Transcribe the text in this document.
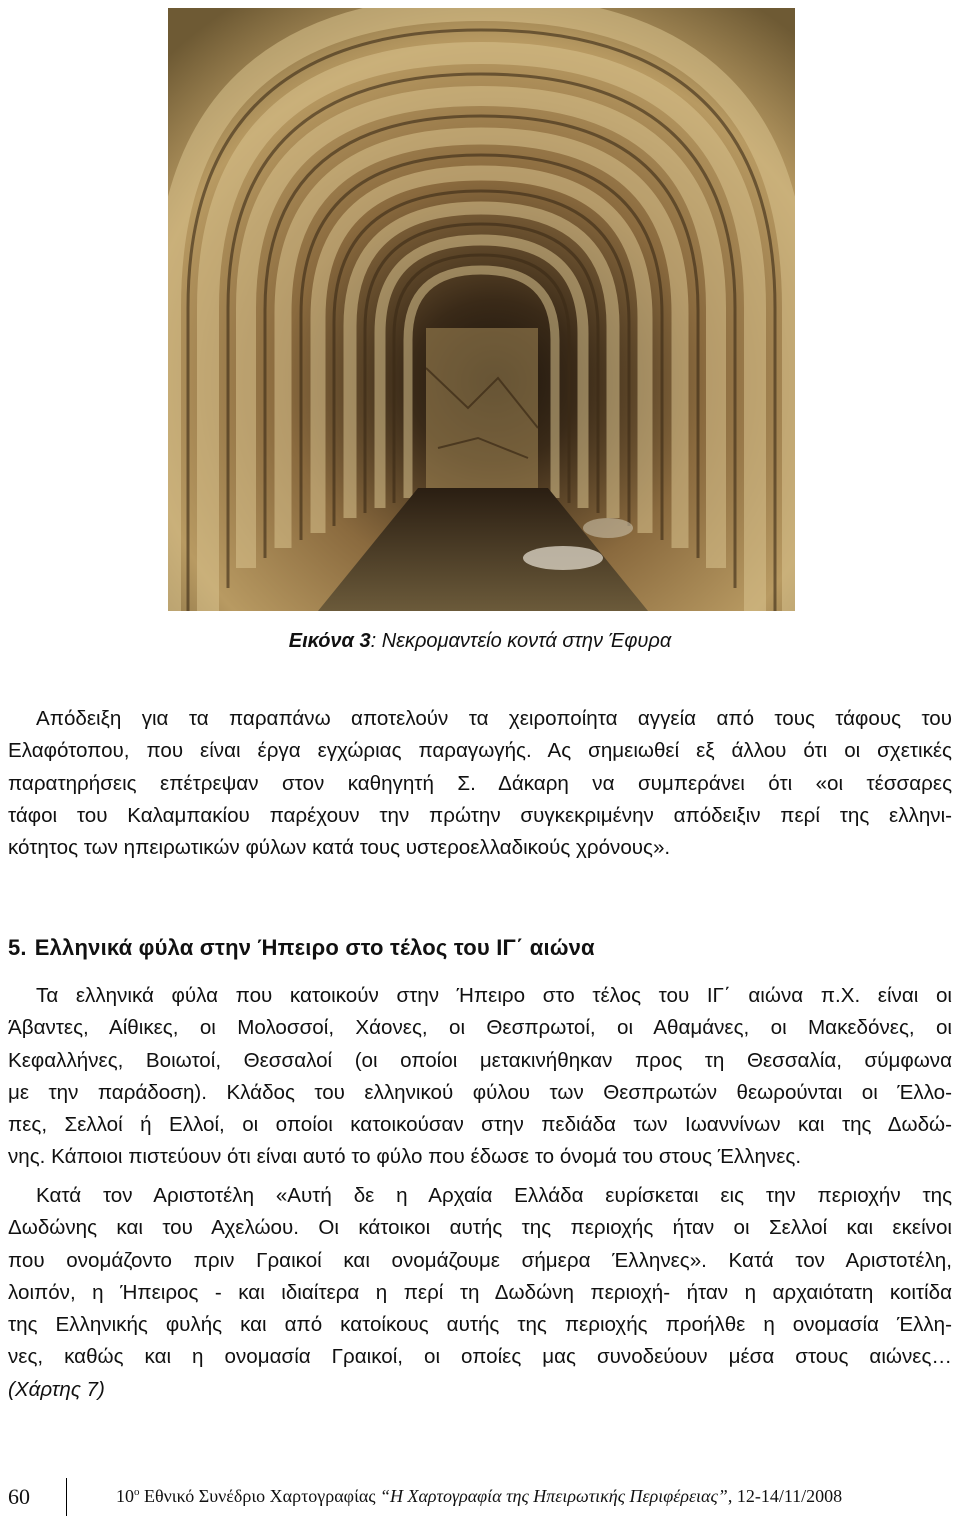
Εικόνα 3: Νεκρομαντείο κοντά στην Έφυρα
Απόδειξη για τα παραπάνω αποτελούν τα χειροποίητα αγγεία από τους τάφους του
Ελαφότοπου, που είναι έργα εγχώριας παραγωγής. Ας σημειωθεί εξ άλλου ότι οι σχετικές
παρατηρήσεις επέτρεψαν στον καθηγητή Σ. Δάκαρη να συμπεράνει ότι «οι τέσσαρες
τάφοι του Καλαμπακίου παρέχουν την πρώτην συγκεκριμένην απόδειξιν περί της ελληνι-
κότητος των ηπειρωτικών φύλων κατά τους υστεροελλαδικούς χρόνους».
5. Ελληνικά φύλα στην Ήπειρο στο τέλος του ΙΓ΄ αιώνα
Τα ελληνικά φύλα που κατοικούν στην Ήπειρο στο τέλος του ΙΓ΄ αιώνα π.Χ. είναι οι
Άβαντες, Αίθικες, οι Μολοσσοί, Χάονες, οι Θεσπρωτοί, οι Αθαμάνες, οι Μακεδόνες, οι
Κεφαλλήνες, Βοιωτοί, Θεσσαλοί (οι οποίοι μετακινήθηκαν προς τη Θεσσαλία, σύμφωνα
με την παράδοση). Κλάδος του ελληνικού φύλου των Θεσπρωτών θεωρούνται οι Έλλο-
πες, Σελλοί ή Ελλοί, οι οποίοι κατοικούσαν στην πεδιάδα των Ιωαννίνων και της Δωδώ-
νης. Κάποιοι πιστεύουν ότι είναι αυτό το φύλο που έδωσε το όνομά του στους Έλληνες.
Κατά τον Αριστοτέλη «Αυτή δε η Αρχαία Ελλάδα ευρίσκεται εις την περιοχήν της
Δωδώνης και του Αχελώου. Οι κάτοικοι αυτής της περιοχής ήταν οι Σελλοί και εκείνοι
που ονομάζοντο πριν Γραικοί και ονομάζουμε σήμερα Έλληνες». Κατά τον Αριστοτέλη,
λοιπόν, η Ήπειρος - και ιδιαίτερα η περί τη Δωδώνη περιοχή- ήταν η αρχαιότατη κοιτίδα
της Ελληνικής φυλής και από κατοίκους αυτής της περιοχής προήλθε η ονομασία Έλλη-
νες, καθώς και η ονομασία Γραικοί, οι οποίες μας συνοδεύουν μέσα στους αιώνες…
(Χάρτης 7)
60	$10^o$ Εθνικό Συνέδριο Χαρτογραφίας “Η Χαρτογραφία της Ηπειρωτικής Περιφέρειας”, 12-14/11/2008
